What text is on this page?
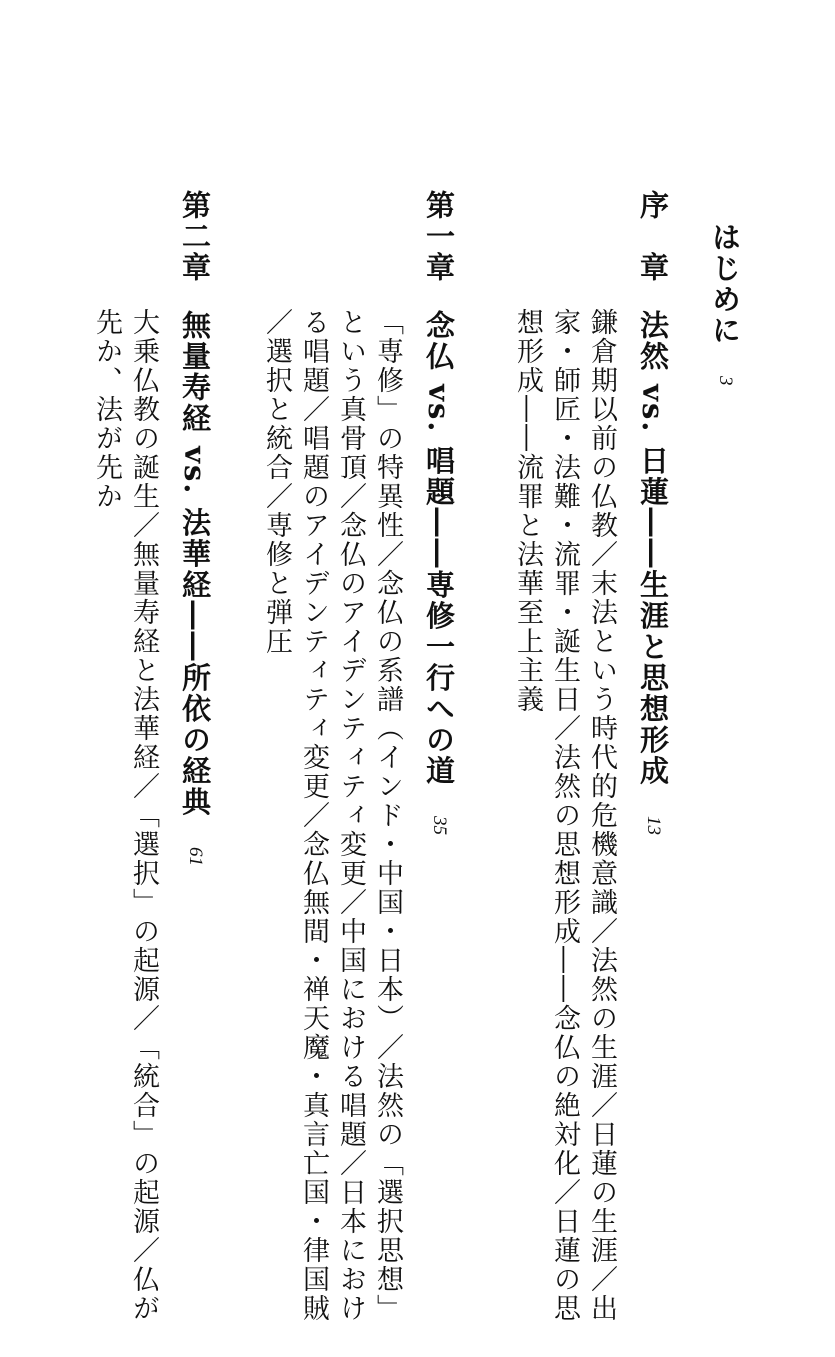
はじめに3
序　章法然 vs. 日蓮――生涯と思想形成13
鎌倉期以前の仏教／末法という時代的危機意識／法然の生涯／日蓮の生涯／出
家・師匠・法難・流罪・誕生日／法然の思想形成――念仏の絶対化／日蓮の思
想形成――流罪と法華至上主義
第一章念仏 vs. 唱題――専修一行への道35
「専修」の特異性／念仏の系譜（インド・中国・日本）／法然の「選択思想」
という真骨頂／念仏のアイデンティティ変更／中国における唱題／日本におけ
る唱題／唱題のアイデンティティ変更／念仏無間・禅天魔・真言亡国・律国賊
／選択と統合／専修と弾圧
第二章無量寿経 vs. 法華経――所依の経典61
大乗仏教の誕生／無量寿経と法華経／「選択」の起源／「統合」の起源／仏が
先か、法が先か
